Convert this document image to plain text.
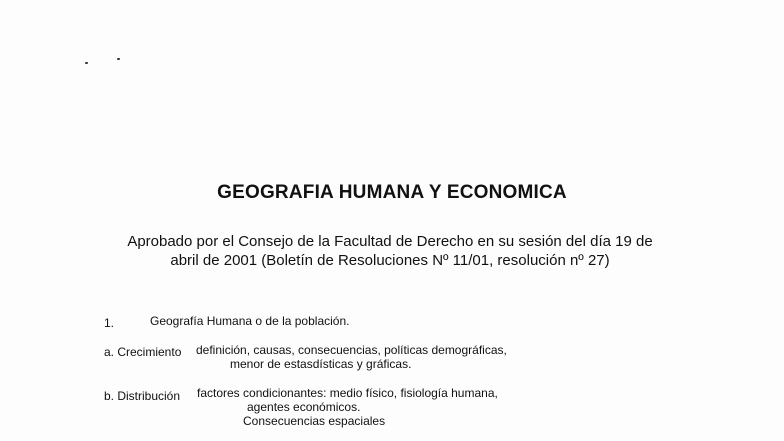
GEOGRAFIA HUMANA Y ECONOMICA
Aprobado por el Consejo de la Facultad de Derecho en su sesión del día 19 de
abril de 2001 (Boletín de Resoluciones Nº 11/01, resolución nº 27)
1.	Geografía Humana o de la población.
a. Crecimiento definición, causas, consecuencias, políticas demográficas,
menor de estasdísticas y gráficas.
b. Distribución factores condicionantes: medio físico, fisiología humana,
agentes económicos.
Consecuencias espaciales
